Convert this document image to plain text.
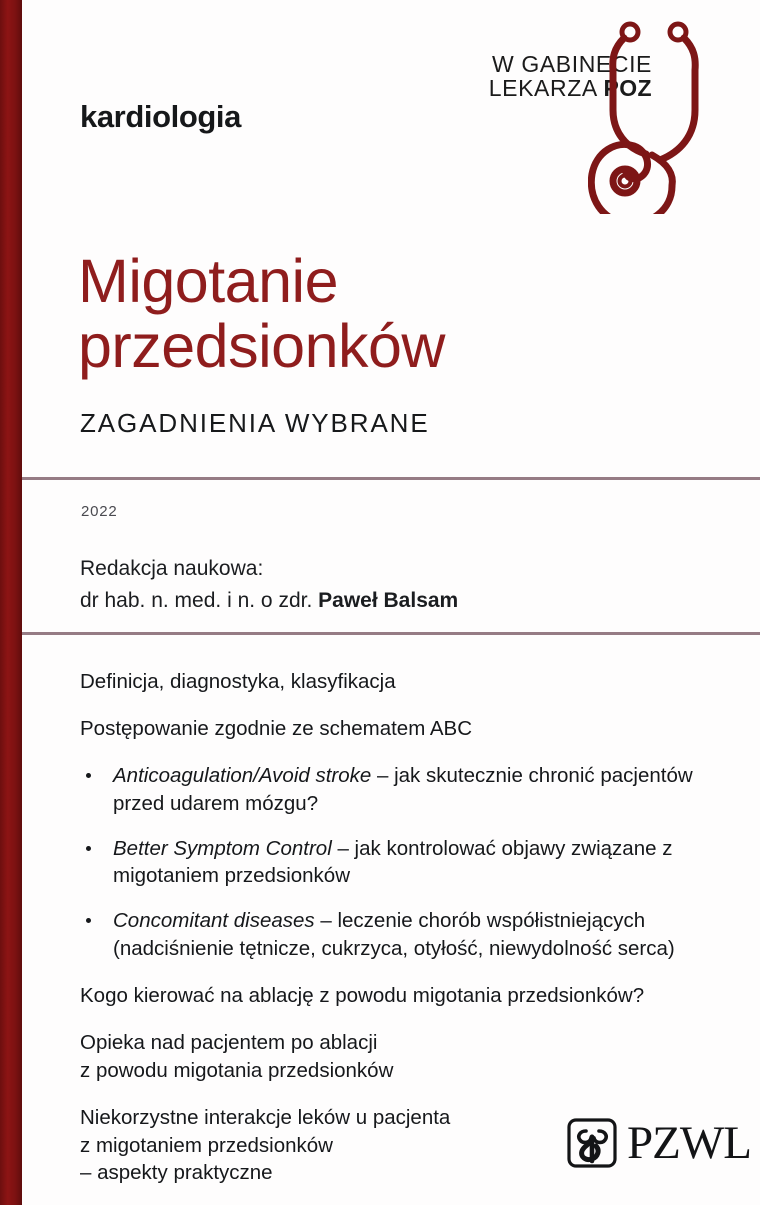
kardiologia
W GABINECIE
LEKARZA POZ
Migotanie
przedsionków
ZAGADNIENIA WYBRANE
2022
Redakcja naukowa:
dr hab. n. med. i n. o zdr. Paweł Balsam
Definicja, diagnostyka, klasyfikacja
Postępowanie zgodnie ze schematem ABC
Anticoagulation/Avoid stroke – jak skutecznie chronić pacjentów przed udarem mózgu?
Better Symptom Control – jak kontrolować objawy związane z migotaniem przedsionków
Concomitant diseases – leczenie chorób współistniejących (nadciśnienie tętnicze, cukrzyca, otyłość, niewydolność serca)
Kogo kierować na ablację z powodu migotania przedsionków?
Opieka nad pacjentem po ablacji
z powodu migotania przedsionków
Niekorzystne interakcje leków u pacjenta
z migotaniem przedsionków
– aspekty praktyczne
PZWL
